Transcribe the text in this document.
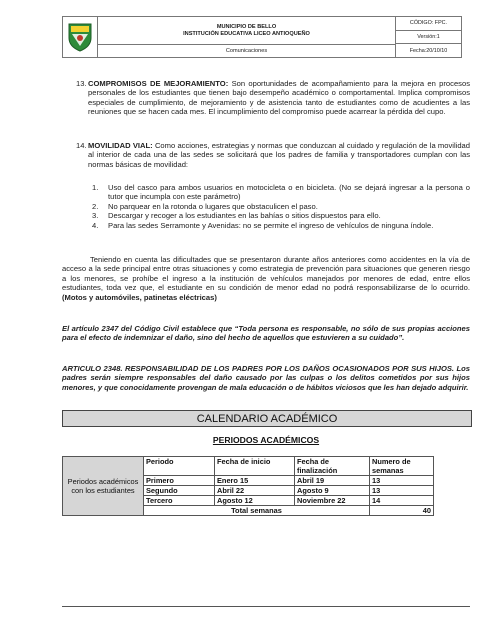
MUNICIPIO DE BELLO
INSTITUCIÓN EDUCATIVA LICEO ANTIOQUEÑO
Comunicaciones
CÓDIGO: FPC.
Versión:1
Fecha:20/10/10
13. COMPROMISOS DE MEJORAMIENTO: Son oportunidades de acompañamiento para la mejora en procesos personales de los estudiantes que tienen bajo desempeño académico o comportamental. Implica compromisos especiales de cumplimiento, de mejoramiento y de asistencia tanto de estudiantes como de acudientes a las reuniones que se hacen cada mes. El incumplimiento del compromiso puede acarrear la pérdida del cupo.
14. MOVILIDAD VIAL: Como acciones, estrategias y normas que conduzcan al cuidado y regulación de la movilidad al interior de cada una de las sedes se solicitará que los padres de familia y transportadores cumplan con las normas básicas de movilidad:
1. Uso del casco para ambos usuarios en motocicleta o en bicicleta. (No se dejará ingresar a la persona o tutor que incumpla con este parámetro)
2. No parquear en la rotonda o lugares que obstaculicen el paso.
3. Descargar y recoger a los estudiantes en las bahías o sitios dispuestos para ello.
4. Para las sedes Serramonte y Avenidas: no se permite el ingreso de vehículos de ninguna índole.
Teniendo en cuenta las dificultades que se presentaron durante años anteriores como accidentes en la vía de acceso a la sede principal entre otras situaciones y como estrategia de prevención para situaciones que generen riesgo a los menores, se prohíbe el ingreso a la institución de vehículos manejados por menores de edad, entre ellos estudiantes, toda vez que, el estudiante en su condición de menor edad no podrá responsabilizarse de lo ocurrido. (Motos y automóviles, patinetas eléctricas)
El artículo 2347 del Código Civil establece que “Toda persona es responsable, no sólo de sus propias acciones para el efecto de indemnizar el daño, sino del hecho de aquellos que estuvieren a su cuidado”.
ARTICULO 2348. RESPONSABILIDAD DE LOS PADRES POR LOS DAÑOS OCASIONADOS POR SUS HIJOS. Los padres serán siempre responsables del daño causado por las culpas o los delitos cometidos por sus hijos menores, y que conocidamente provengan de mala educación o de hábitos viciosos que les han dejado adquirir.
CALENDARIO ACADÉMICO
PERIODOS ACADÉMICOS
Periodos académicos con los estudiantes	Periodo	Fecha de inicio	Fecha de finalización	Numero de semanas
	Primero	Enero 15	Abril 19	13
	Segundo	Abril 22	Agosto 9	13
	Tercero	Agosto 12	Noviembre 22	14
	Total semanas			40
